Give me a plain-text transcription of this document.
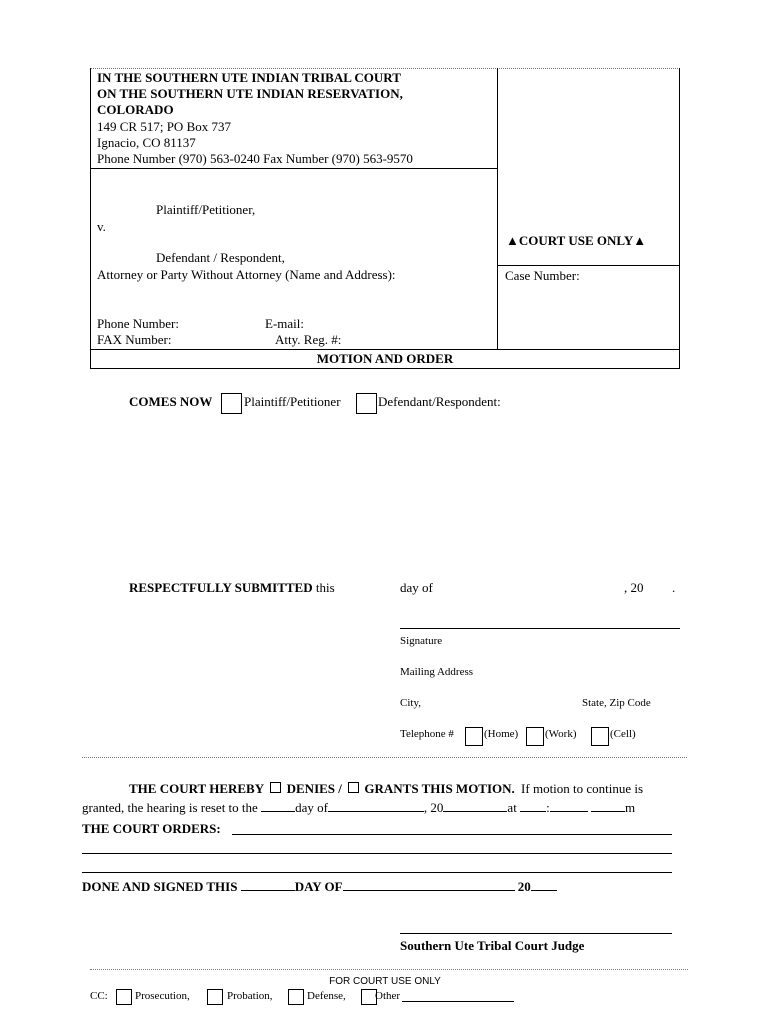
IN THE SOUTHERN UTE INDIAN TRIBAL COURT
ON THE SOUTHERN UTE INDIAN RESERVATION,
COLORADO
149 CR 517; PO Box 737
Ignacio, CO 81137
Phone Number (970) 563-0240 Fax Number (970) 563-9570
Plaintiff/Petitioner,
v.
Defendant / Respondent,
Attorney or Party Without Attorney (Name and Address):
Phone Number:	E-mail:
FAX Number:	Atty. Reg. #:
▲COURT USE ONLY▲
Case Number:
MOTION AND ORDER
COMES NOW Plaintiff/Petitioner	Defendant/Respondent:
RESPECTFULLY SUBMITTED this	day of	, 20 .
Signature
Mailing Address
City,	State, Zip Code
Telephone #	(Home) (Work)	(Cell)
THE COURT HEREBY DENIES / GRANTS THIS MOTION. If motion to continue is
granted, the hearing is reset to the	day of	, 20	at :	m
THE COURT ORDERS:
DONE AND SIGNED THIS	DAY OF	20
Southern Ute Tribal Court Judge
FOR COURT USE ONLY
CC: Prosecution,	Probation,	Defense,	Other
